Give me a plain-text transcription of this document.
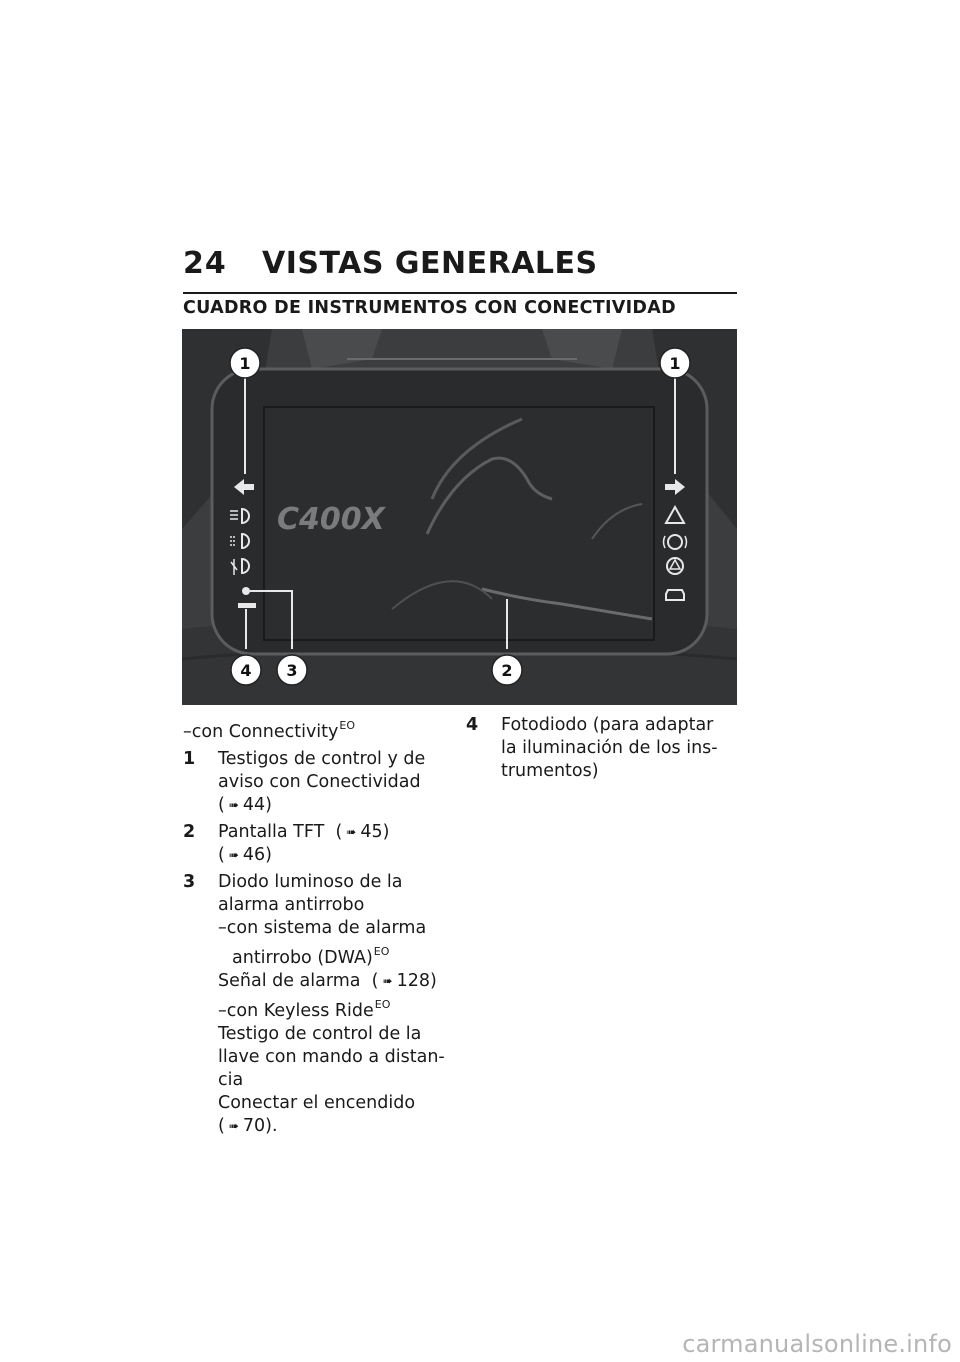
24 VISTAS GENERALES
CUADRO DE INSTRUMENTOS CON CONECTIVIDAD
C400X
1	1
2
3
4
–con Connectivity$^{EO}$
1 Testigos de control y de
aviso con Conectividad
( ➠ 44)
2 Pantalla TFT ( ➠ 45)
( ➠ 46)
3 Diodo luminoso de la
alarma antirrobo
–con sistema de alarma
antirrobo (DWA)$^{EO}$
Señal de alarma ( ➠ 128)
–con Keyless Ride$^{EO}$
Testigo de control de la
llave con mando a distan-
cia
Conectar el encendido
( ➠ 70).
4 Fotodiodo (para adaptar
la iluminación de los ins-
trumentos)
carmanualsonline.info
